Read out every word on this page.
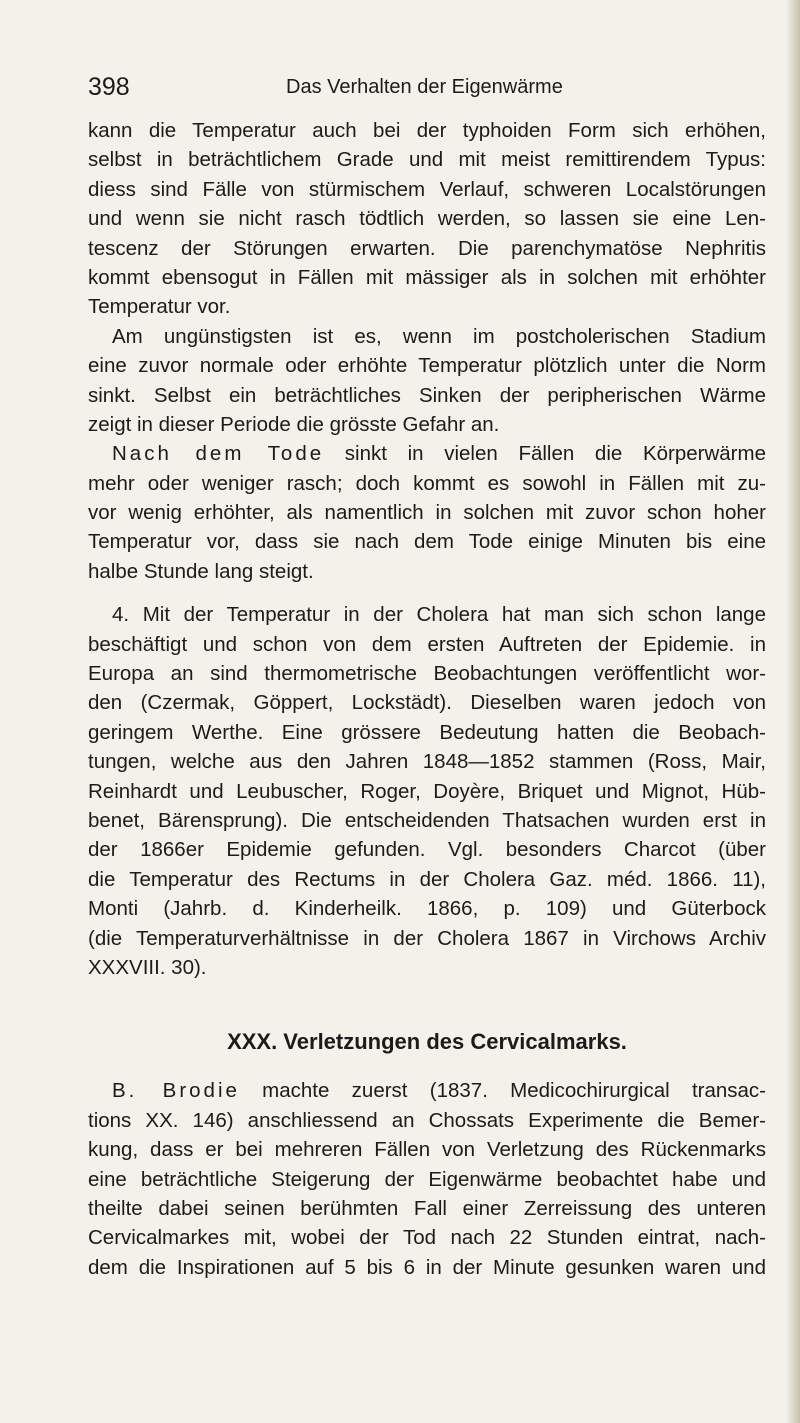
398	Das Verhalten der Eigenwärme
kann die Temperatur auch bei der typhoiden Form sich erhöhen,
selbst in beträchtlichem Grade und mit meist remittirendem Typus:
diess sind Fälle von stürmischem Verlauf, schweren Localstörungen
und wenn sie nicht rasch tödtlich werden, so lassen sie eine Len-
tescenz der Störungen erwarten. Die parenchymatöse Nephritis
kommt ebensogut in Fällen mit mässiger als in solchen mit erhöhter
Temperatur vor.
Am ungünstigsten ist es, wenn im postcholerischen Stadium
eine zuvor normale oder erhöhte Temperatur plötzlich unter die Norm
sinkt. Selbst ein beträchtliches Sinken der peripherischen Wärme
zeigt in dieser Periode die grösste Gefahr an.
Nach dem Tode sinkt in vielen Fällen die Körperwärme
mehr oder weniger rasch; doch kommt es sowohl in Fällen mit zu-
vor wenig erhöhter, als namentlich in solchen mit zuvor schon hoher
Temperatur vor, dass sie nach dem Tode einige Minuten bis eine
halbe Stunde lang steigt.
4. Mit der Temperatur in der Cholera hat man sich schon lange
beschäftigt und schon von dem ersten Auftreten der Epidemie. in
Europa an sind thermometrische Beobachtungen veröffentlicht wor-
den (Czermak, Göppert, Lockstädt). Dieselben waren jedoch von
geringem Werthe. Eine grössere Bedeutung hatten die Beobach-
tungen, welche aus den Jahren 1848—1852 stammen (Ross, Mair,
Reinhardt und Leubuscher, Roger, Doyère, Briquet und Mignot, Hüb-
benet, Bärensprung). Die entscheidenden Thatsachen wurden erst in
der 1866er Epidemie gefunden. Vgl. besonders Charcot (über
die Temperatur des Rectums in der Cholera Gaz. méd. 1866. 11),
Monti (Jahrb. d. Kinderheilk. 1866, p. 109) und Güterbock
(die Temperaturverhältnisse in der Cholera 1867 in Virchows Archiv
XXXVIII. 30).
XXX. Verletzungen des Cervicalmarks.
B. Brodie machte zuerst (1837. Medicochirurgical transac-
tions XX. 146) anschliessend an Chossats Experimente die Bemer-
kung, dass er bei mehreren Fällen von Verletzung des Rückenmarks
eine beträchtliche Steigerung der Eigenwärme beobachtet habe und
theilte dabei seinen berühmten Fall einer Zerreissung des unteren
Cervicalmarkes mit, wobei der Tod nach 22 Stunden eintrat, nach-
dem die Inspirationen auf 5 bis 6 in der Minute gesunken waren und
